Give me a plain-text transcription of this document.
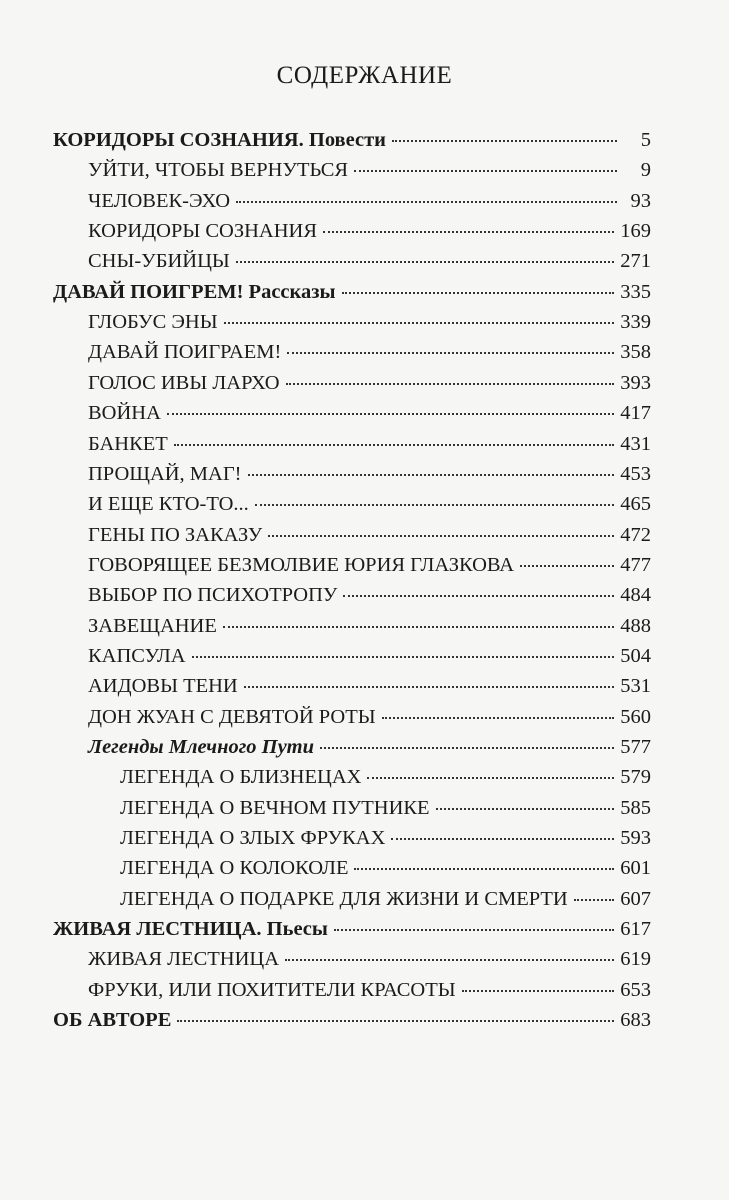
СОДЕРЖАНИЕ
КОРИДОРЫ СОЗНАНИЯ. Повести	5
УЙТИ, ЧТОБЫ ВЕРНУТЬСЯ	9
ЧЕЛОВЕК-ЭХО	93
КОРИДОРЫ СОЗНАНИЯ	169
СНЫ-УБИЙЦЫ	271
ДАВАЙ ПОИГРЕМ! Рассказы	335
ГЛОБУС ЭНЫ	339
ДАВАЙ ПОИГРАЕМ!	358
ГОЛОС ИВЫ ЛАРХО	393
ВОЙНА	417
БАНКЕТ	431
ПРОЩАЙ, МАГ!	453
И ЕЩЕ КТО-ТО...	465
ГЕНЫ ПО ЗАКАЗУ	472
ГОВОРЯЩЕЕ БЕЗМОЛВИЕ ЮРИЯ ГЛАЗКОВА	477
ВЫБОР ПО ПСИХОТРОПУ	484
ЗАВЕЩАНИЕ	488
КАПСУЛА	504
АИДОВЫ ТЕНИ	531
ДОН ЖУАН С ДЕВЯТОЙ РОТЫ	560
Легенды Млечного Пути	577
ЛЕГЕНДА О БЛИЗНЕЦАХ	579
ЛЕГЕНДА О ВЕЧНОМ ПУТНИКЕ	585
ЛЕГЕНДА О ЗЛЫХ ФРУКАХ	593
ЛЕГЕНДА О КОЛОКОЛЕ	601
ЛЕГЕНДА О ПОДАРКЕ ДЛЯ ЖИЗНИ И СМЕРТИ	607
ЖИВАЯ ЛЕСТНИЦА. Пьесы	617
ЖИВАЯ ЛЕСТНИЦА	619
ФРУКИ, ИЛИ ПОХИТИТЕЛИ КРАСОТЫ	653
ОБ АВТОРЕ	683
